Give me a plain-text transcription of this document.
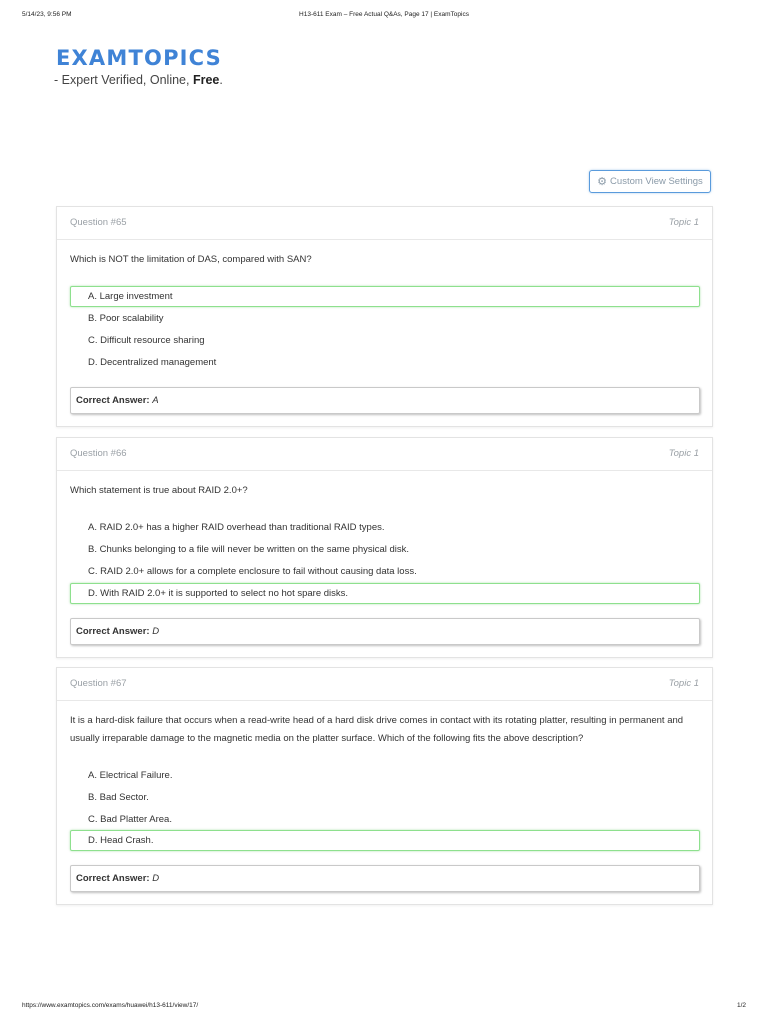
5/14/23, 9:56 PM	H13-611 Exam – Free Actual Q&As, Page 17 | ExamTopics
EXAMTOPICS
- Expert Verified, Online, Free.
⚙ Custom View Settings
Question #65	Topic 1
Which is NOT the limitation of DAS, compared with SAN?
A. Large investment
B. Poor scalability
C. Difficult resource sharing
D. Decentralized management
Correct Answer: A
Question #66	Topic 1
Which statement is true about RAID 2.0+?
A. RAID 2.0+ has a higher RAID overhead than traditional RAID types.
B. Chunks belonging to a file will never be written on the same physical disk.
C. RAID 2.0+ allows for a complete enclosure to fail without causing data loss.
D. With RAID 2.0+ it is supported to select no hot spare disks.
Correct Answer: D
Question #67	Topic 1
It is a hard-disk failure that occurs when a read-write head of a hard disk drive comes in contact with its rotating platter, resulting in permanent and usually irreparable damage to the magnetic media on the platter surface. Which of the following fits the above description?
A. Electrical Failure.
B. Bad Sector.
C. Bad Platter Area.
D. Head Crash.
Correct Answer: D
https://www.examtopics.com/exams/huawei/h13-611/view/17/	1/2
